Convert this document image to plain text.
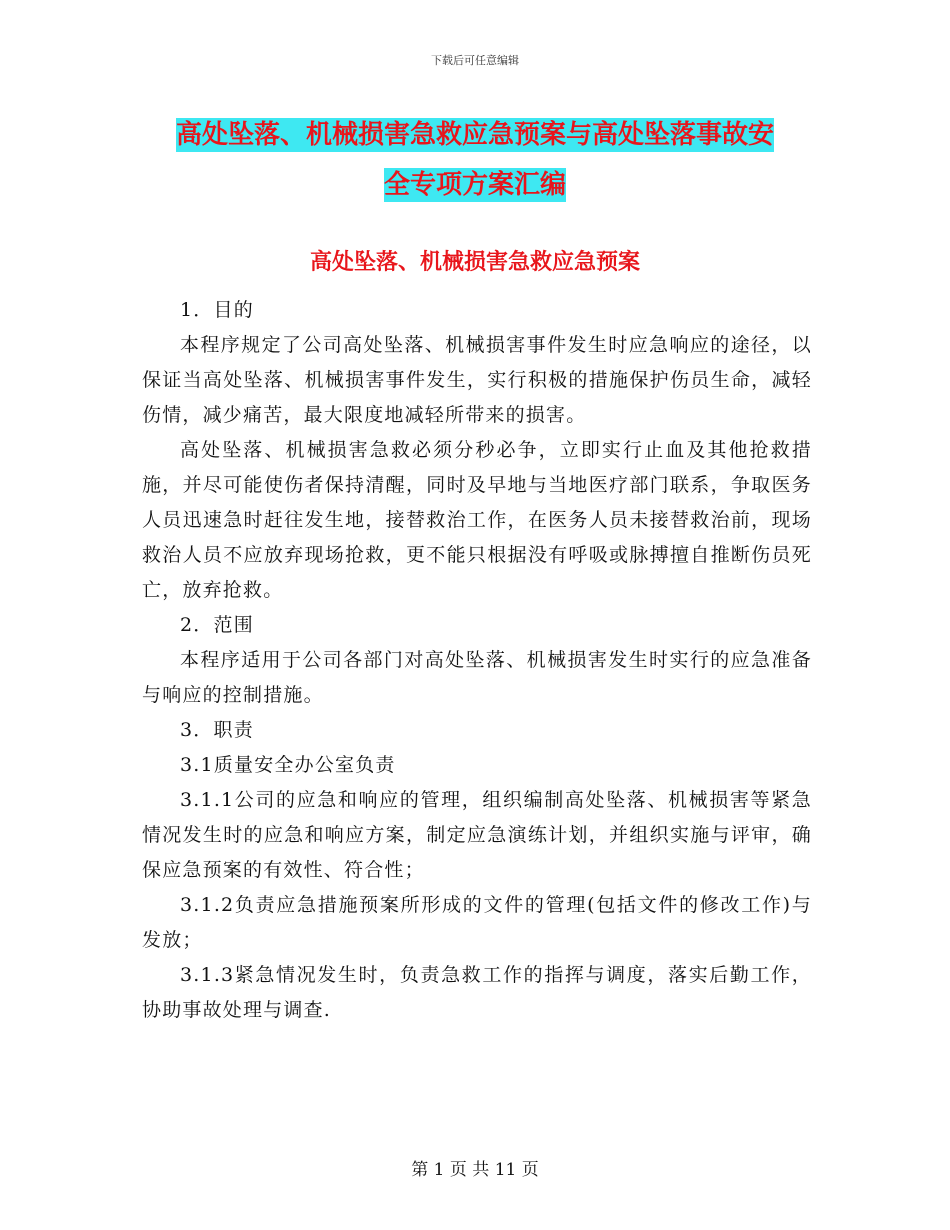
下载后可任意编辑
高处坠落、机械损害急救应急预案与高处坠落事故安
全专项方案汇编
高处坠落、机械损害急救应急预案

1．目的

本程序规定了公司高处坠落、机械损害事件发生时应急响应的途径，以保证当高处坠落、机械损害事件发生，实行积极的措施保护伤员生命，减轻伤情，减少痛苦，最大限度地减轻所带来的损害。

高处坠落、机械损害急救必须分秒必争，立即实行止血及其他抢救措施，并尽可能使伤者保持清醒，同时及早地与当地医疗部门联系，争取医务人员迅速急时赶往发生地，接替救治工作，在医务人员未接替救治前，现场救治人员不应放弃现场抢救，更不能只根据没有呼吸或脉搏擅自推断伤员死亡，放弃抢救。

2．范围

本程序适用于公司各部门对高处坠落、机械损害发生时实行的应急准备与响应的控制措施。

3．职责

3.1质量安全办公室负责

3.1.1公司的应急和响应的管理，组织编制高处坠落、机械损害等紧急情况发生时的应急和响应方案，制定应急演练计划，并组织实施与评审，确保应急预案的有效性、符合性；

3.1.2负责应急措施预案所形成的文件的管理(包括文件的修改工作)与发放；

3.1.3紧急情况发生时，负责急救工作的指挥与调度，落实后勤工作，协助事故处理与调查.

第 1 页 共 11 页
